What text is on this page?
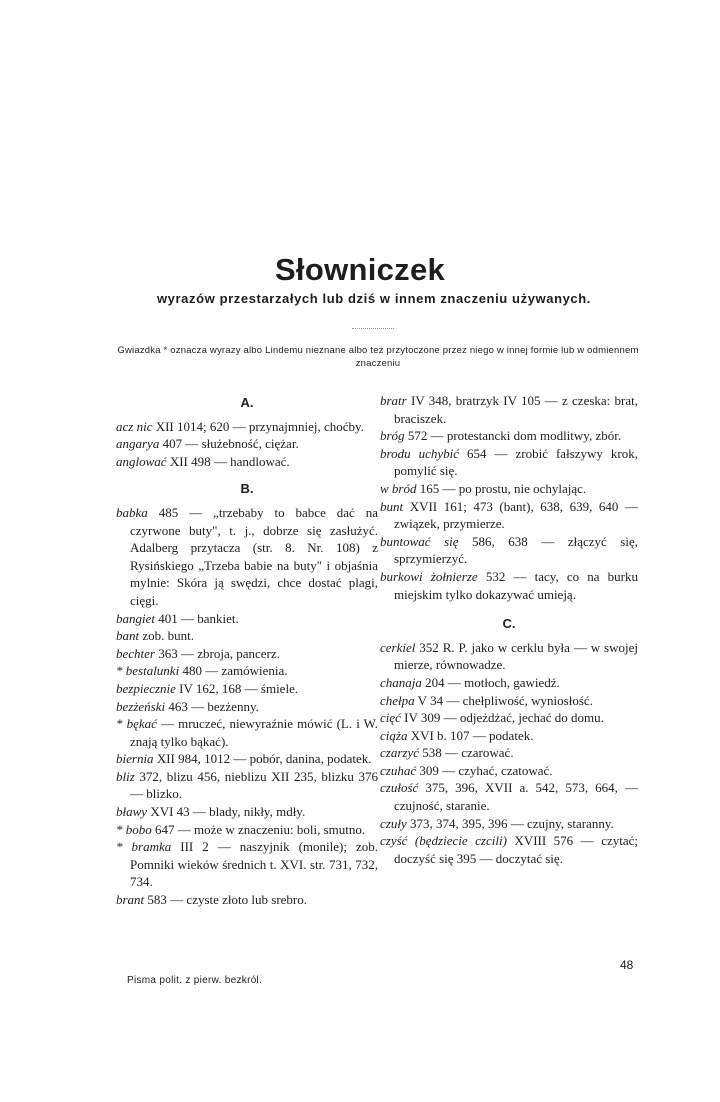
Słowniczek
wyrazów przestarzałych lub dziś w innem znaczeniu używanych.
Gwiazdka * oznacza wyrazy albo Lindemu nieznane albo też przytoczone przez niego w innej formie lub w odmiennem znaczeniu
A.

acz nic XII 1014; 620 — przynajmniej, choćby.

angarya 407 — służebność, ciężar.

anglować XII 498 — handlować.

B.

babka 485 — „trzebaby to babce dać na czyrwone buty", t. j., dobrze się zasłużyć. Adalberg przytacza (str. 8. Nr. 108) z Rysińskiego „Trzeba babie na buty" i objaśnia mylnie: Skóra ją swędzi, chce dostać plagi, cięgi.

bangiet 401 — bankiet.

bant zob. bunt.

bechter 363 — zbroja, pancerz.

* bestalunki 480 — zamówienia.

bezpiecznie IV 162, 168 — śmiele.

bezżeński 463 — bezżenny.

* bękać — mruczeć, niewyraźnie mówić (L. i W. znają tylko bąkać).

biernia XII 984, 1012 — pobór, danina, podatek.

bliz 372, blizu 456, nieblizu XII 235, blizku 376 — blizko.

bławy XVI 43 — blady, nikły, mdły.

* bobo 647 — może w znaczeniu: boli, smutno.

* bramka III 2 — naszyjnik (monile); zob. Pomniki wieków średnich t. XVI. str. 731, 732, 734.

brant 583 — czyste złoto lub srebro.

bratr IV 348, bratrzyk IV 105 — z czeska: brat, braciszek.

bróg 572 — protestancki dom modlitwy, zbór.

brodu uchybić 654 — zrobić fałszywy krok, pomylić się.

w bród 165 — po prostu, nie ochylając.

bunt XVII 161; 473 (bant), 638, 639, 640 — związek, przymierze.

buntować się 586, 638 — złączyć się, sprzymierzyć.

burkowi żołnierze 532 — tacy, co na burku miejskim tylko dokazywać umieją.

C.

cerkiel 352 R. P. jako w cerklu była — w swojej mierze, równowadze.

chanaja 204 — motłoch, gawiedź.

chełpa V 34 — chełpliwość, wyniosłość.

cięć IV 309 — odjeżdżać, jechać do domu.

ciąża XVI b. 107 — podatek.

czarzyć 538 — czarować.

czuhać 309 — czyhać, czatować.

czułość 375, 396, XVII a. 542, 573, 664, — czujność, staranie.

czuły 373, 374, 395, 396 — czujny, staranny.

czyść (będziecie czcili) XVIII 576 — czytać; doczyść się 395 — doczytać się.

48
Pisma polit. z pierw. bezkról.
